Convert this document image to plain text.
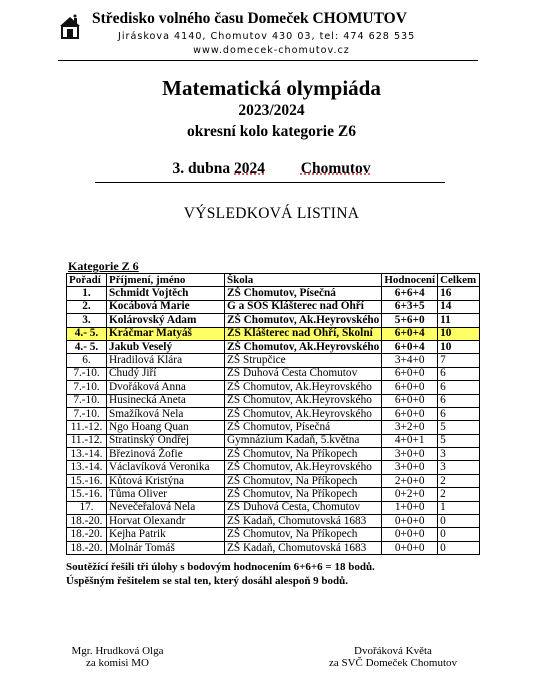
Středisko volného času Domeček CHOMUTOV
Jiráskova 4140, Chomutov 430 03, tel: 474 628 535
www.domecek-chomutov.cz
Matematická olympiáda
2023/2024
okresní kolo kategorie Z6
3. dubna 2024 Chomutov
VÝSLEDKOVÁ LISTINA
Kategorie Z 6
Pořadí	Příjmení, jméno	Škola	Hodnocení	Celkem
1.	Schmidt Vojtěch	ZŠ Chomutov, Písečná	6+6+4	16
2.	Kocábová Marie	G a SOŠ Klášterec nad Ohří	6+3+5	14
3.	Kolárovský Adam	ZŠ Chomutov, Ak.Heyrovského	5+6+0	11
4.- 5.	Kráčmar Matyáš	ZŠ Klášterec nad Ohří, Školní	6+0+4	10
4.- 5.	Jakub Veselý	ZŠ Chomutov, Ak.Heyrovského	6+0+4	10
6.	Hradilová Klára	ZŠ Strupčice	3+4+0	7
7.-10.	Chudý Jiří	ZŠ Duhová Cesta Chomutov	6+0+0	6
7.-10.	Dvořáková Anna	ZŠ Chomutov, Ak.Heyrovského	6+0+0	6
7.-10.	Husinecká Aneta	ZŠ Chomutov, Ak.Heyrovského	6+0+0	6
7.-10.	Smažíková Nela	ZŠ Chomutov, Ak.Heyrovského	6+0+0	6
11.-12.	Ngo Hoang Quan	ZŠ Chomutov, Písečná	3+2+0	5
11.-12.	Stratinský Ondřej	Gymnázium Kadaň, 5.května	4+0+1	5
13.-14.	Březinová Žofie	ZŠ Chomutov, Na Příkopech	3+0+0	3
13.-14.	Václavíková Veronika	ZŠ Chomutov, Ak.Heyrovského	3+0+0	3
15.-16.	Kůtová Kristýna	ZŠ Chomutov, Na Příkopech	2+0+0	2
15.-16.	Tůma Oliver	ZŠ Chomutov, Na Příkopech	0+2+0	2
17.	Nevečeřalová Nela	ZŠ Duhová Cesta, Chomutov	1+0+0	1
18.-20.	Horvat Olexandr	ZŠ Kadaň, Chomutovská 1683	0+0+0	0
18.-20.	Kejha Patrik	ZŠ Chomutov, Na Příkopech	0+0+0	0
18.-20.	Molnár Tomáš	ZŠ Kadaň, Chomutovská 1683	0+0+0	0
Soutěžící řešili tři úlohy s bodovým hodnocením 6+6+6 = 18 bodů.
Úspěšným řešitelem se stal ten, který dosáhl alespoň 9 bodů.
Mgr. Hrudková Olga
za komisi MO
Dvořáková Květa
za SVČ Domeček Chomutov
